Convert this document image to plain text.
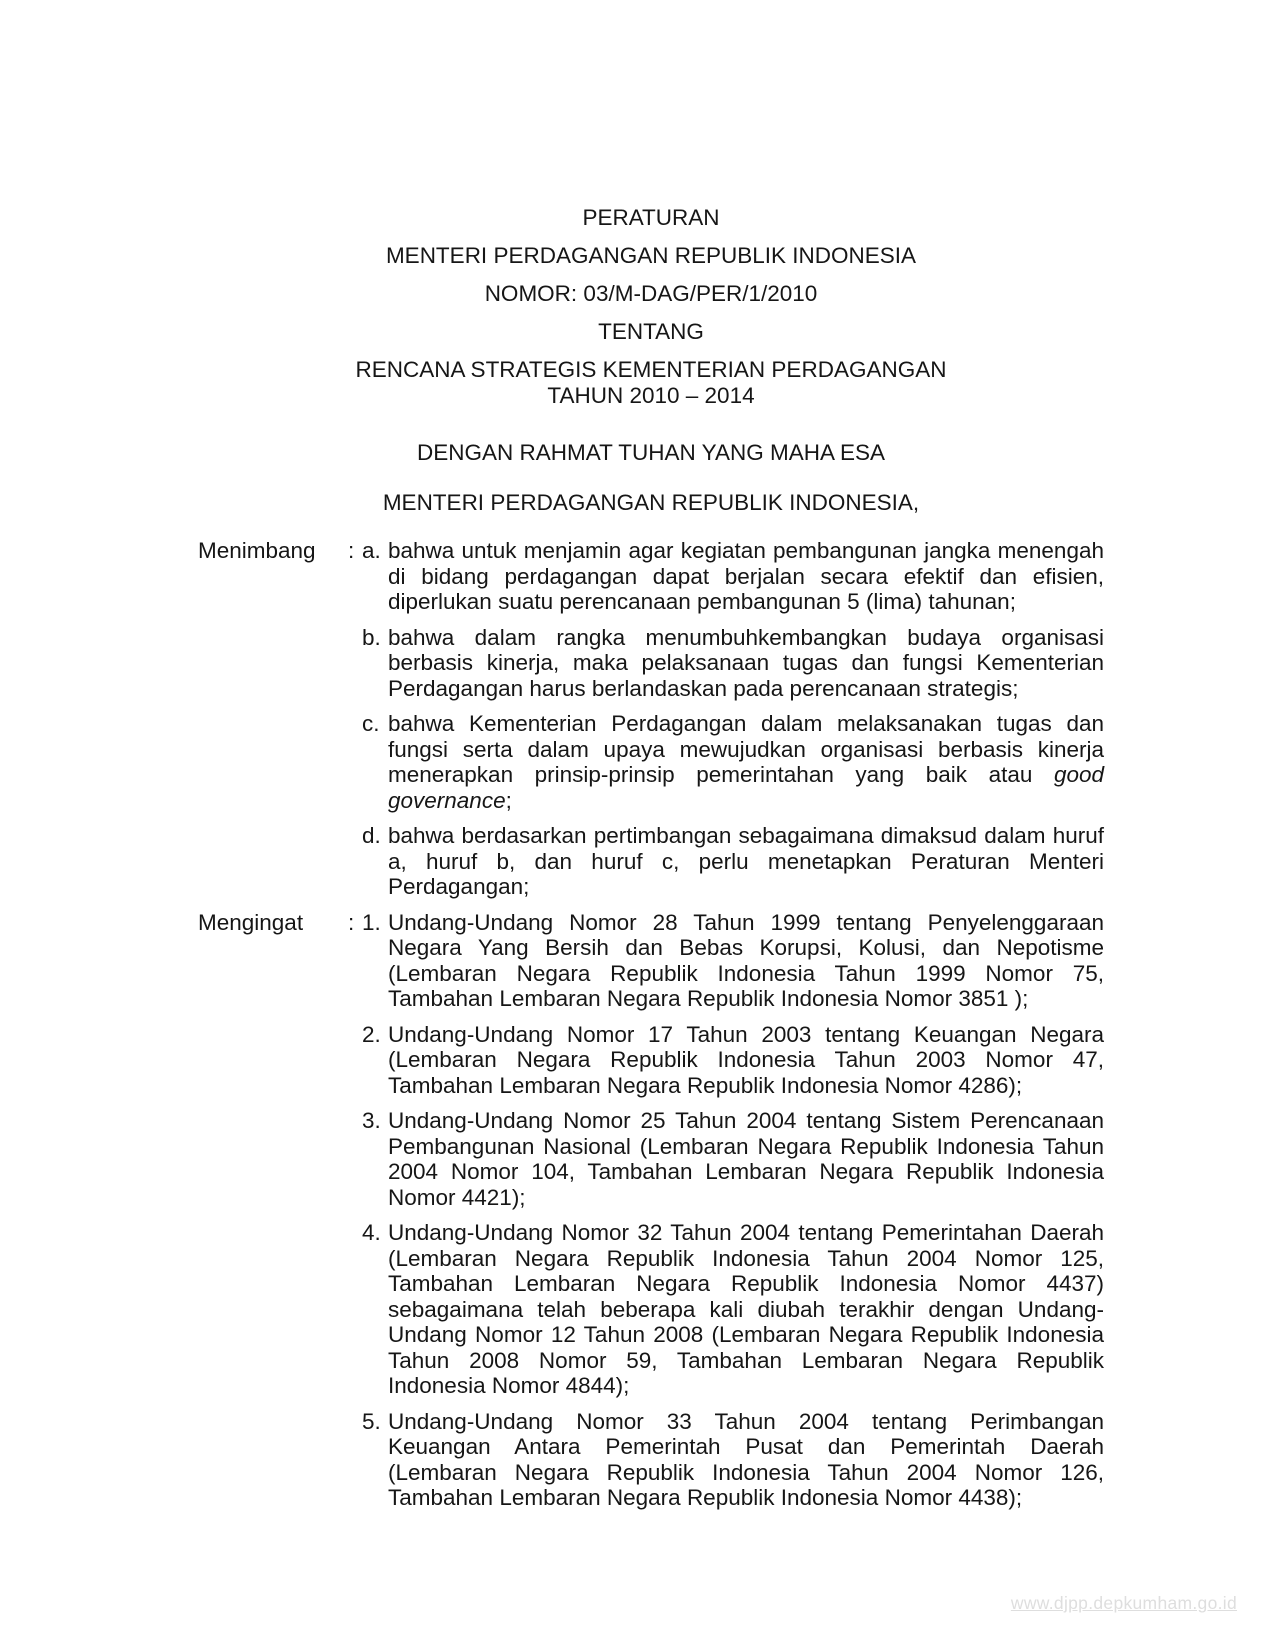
PERATURAN

MENTERI PERDAGANGAN REPUBLIK INDONESIA

NOMOR: 03/M-DAG/PER/1/2010

TENTANG

RENCANA STRATEGIS KEMENTERIAN PERDAGANGAN
TAHUN 2010 – 2014

DENGAN RAHMAT TUHAN YANG MAHA ESA

MENTERI PERDAGANGAN REPUBLIK INDONESIA,

Menimbang	: a. bahwa untuk menjamin agar kegiatan pembangunan jangka menengah di bidang perdagangan dapat berjalan secara efektif dan efisien, diperlukan suatu perencanaan pembangunan 5 (lima) tahunan;
b. bahwa dalam rangka menumbuhkembangkan budaya organisasi berbasis kinerja, maka pelaksanaan tugas dan fungsi Kementerian Perdagangan harus berlandaskan pada perencanaan strategis;
c. bahwa Kementerian Perdagangan dalam melaksanakan tugas dan fungsi serta dalam upaya mewujudkan organisasi berbasis kinerja menerapkan prinsip-prinsip pemerintahan yang baik atau good governance;
d. bahwa berdasarkan pertimbangan sebagaimana dimaksud dalam huruf a, huruf b, dan huruf c, perlu menetapkan Peraturan Menteri Perdagangan;
Mengingat	: 1. Undang-Undang Nomor 28 Tahun 1999 tentang Penyelenggaraan Negara Yang Bersih dan Bebas Korupsi, Kolusi, dan Nepotisme (Lembaran Negara Republik Indonesia Tahun 1999 Nomor 75, Tambahan Lembaran Negara Republik Indonesia Nomor 3851 );
2. Undang-Undang Nomor 17 Tahun 2003 tentang Keuangan Negara (Lembaran Negara Republik Indonesia Tahun 2003 Nomor 47, Tambahan Lembaran Negara Republik Indonesia Nomor 4286);
3. Undang-Undang Nomor 25 Tahun 2004 tentang Sistem Perencanaan Pembangunan Nasional (Lembaran Negara Republik Indonesia Tahun 2004 Nomor 104, Tambahan Lembaran Negara Republik Indonesia Nomor 4421);
4. Undang-Undang Nomor 32 Tahun 2004 tentang Pemerintahan Daerah (Lembaran Negara Republik Indonesia Tahun 2004 Nomor 125, Tambahan Lembaran Negara Republik Indonesia Nomor 4437) sebagaimana telah beberapa kali diubah terakhir dengan Undang-Undang Nomor 12 Tahun 2008 (Lembaran Negara Republik Indonesia Tahun 2008 Nomor 59, Tambahan Lembaran Negara Republik Indonesia Nomor 4844);
5. Undang-Undang Nomor 33 Tahun 2004 tentang Perimbangan Keuangan Antara Pemerintah Pusat dan Pemerintah Daerah (Lembaran Negara Republik Indonesia Tahun 2004 Nomor 126, Tambahan Lembaran Negara Republik Indonesia Nomor 4438);
www.djpp.depkumham.go.id
